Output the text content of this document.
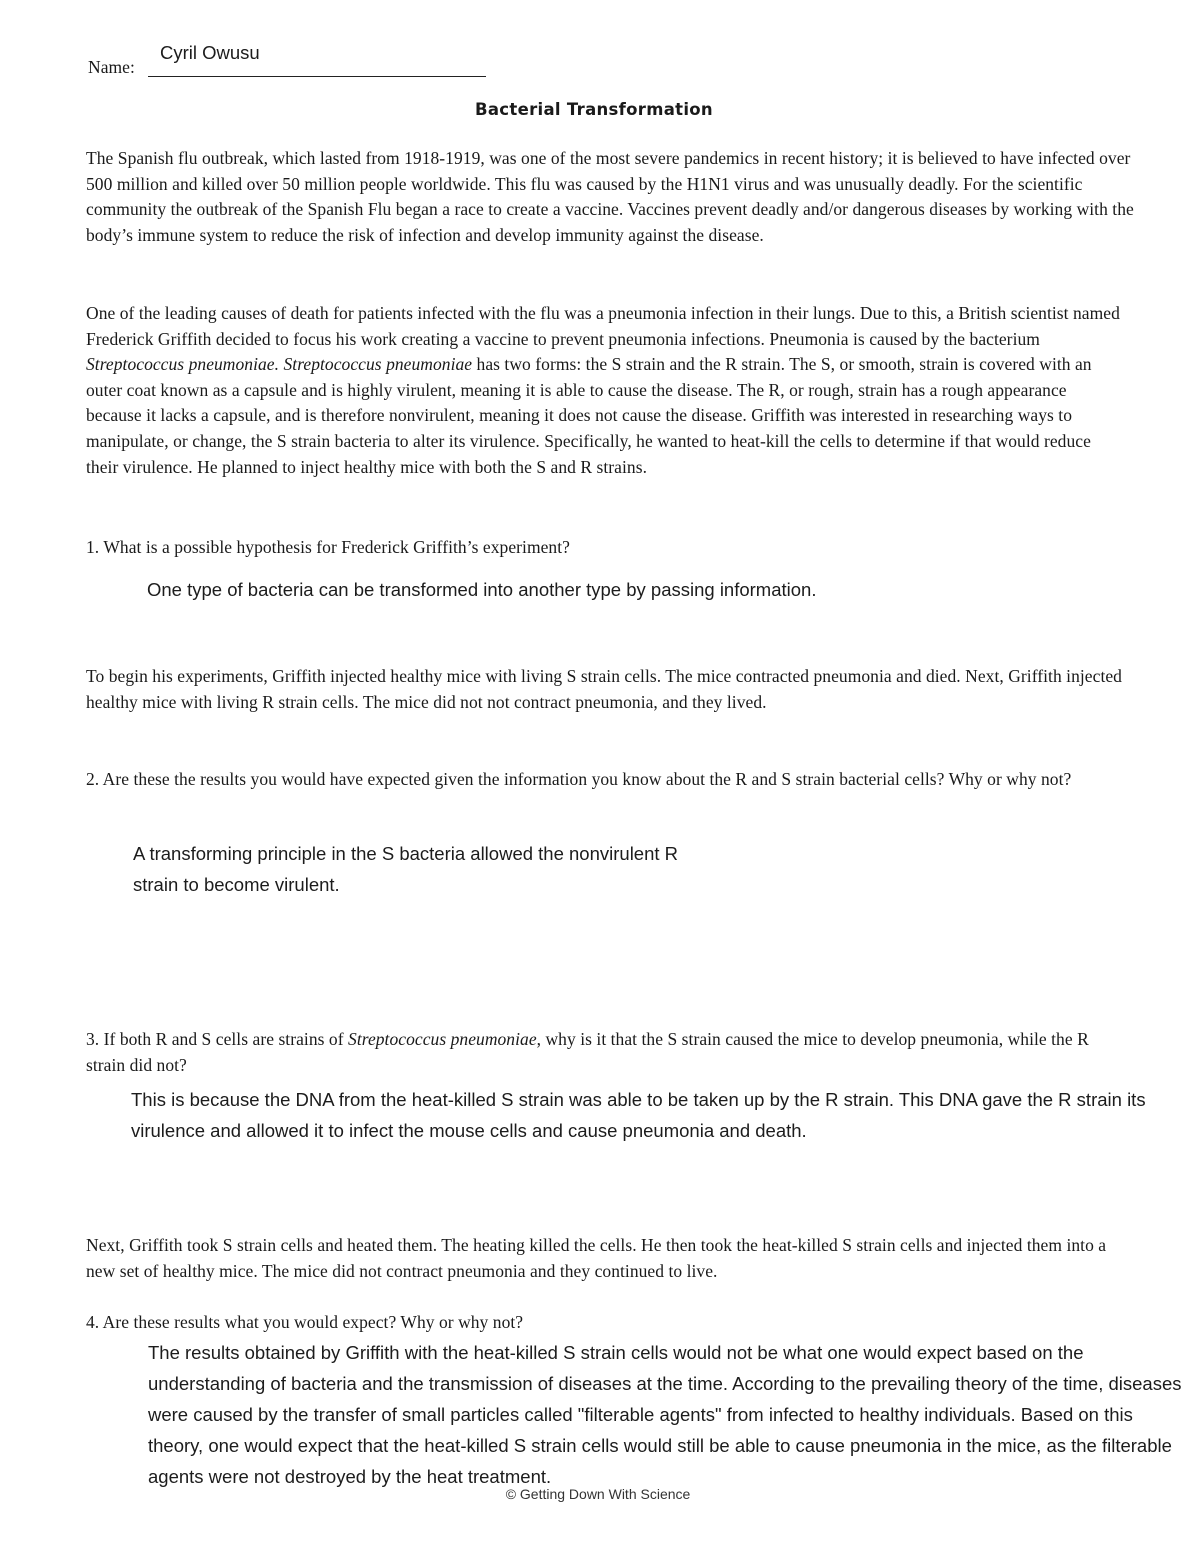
Name:
Cyril Owusu
Bacterial Transformation

The Spanish flu outbreak, which lasted from 1918-1919, was one of the most severe pandemics in recent history; it is believed to have infected over 500 million and killed over 50 million people worldwide. This flu was caused by the H1N1 virus and was unusually deadly. For the scientific community the outbreak of the Spanish Flu began a race to create a vaccine. Vaccines prevent deadly and/or dangerous diseases by working with the body’s immune system to reduce the risk of infection and develop immunity against the disease.

One of the leading causes of death for patients infected with the flu was a pneumonia infection in their lungs. Due to this, a British scientist named Frederick Griffith decided to focus his work creating a vaccine to prevent pneumonia infections. Pneumonia is caused by the bacterium Streptococcus pneumoniae. Streptococcus pneumoniae has two forms: the S strain and the R strain. The S, or smooth, strain is covered with an outer coat known as a capsule and is highly virulent, meaning it is able to cause the disease. The R, or rough, strain has a rough appearance because it lacks a capsule, and is therefore nonvirulent, meaning it does not cause the disease. Griffith was interested in researching ways to manipulate, or change, the S strain bacteria to alter its virulence. Specifically, he wanted to heat-kill the cells to determine if that would reduce their virulence. He planned to inject healthy mice with both the S and R strains.

1. What is a possible hypothesis for Frederick Griffith’s experiment?

One type of bacteria can be transformed into another type by passing information.

To begin his experiments, Griffith injected healthy mice with living S strain cells. The mice contracted pneumonia and died. Next, Griffith injected healthy mice with living R strain cells. The mice did not not contract pneumonia, and they lived.

2. Are these the results you would have expected given the information you know about the R and S strain bacterial cells? Why or why not?

A transforming principle in the S bacteria allowed the nonvirulent R
strain to become virulent.

3. If both R and S cells are strains of Streptococcus pneumoniae, why is it that the S strain caused the mice to develop pneumonia, while the R strain did not?

This is because the DNA from the heat-killed S strain was able to be taken up by the R strain. This DNA gave the R strain its virulence and allowed it to infect the mouse cells and cause pneumonia and death.

Next, Griffith took S strain cells and heated them. The heating killed the cells. He then took the heat-killed S strain cells and injected them into a new set of healthy mice. The mice did not contract pneumonia and they continued to live.

4. Are these results what you would expect? Why or why not?

The results obtained by Griffith with the heat-killed S strain cells would not be what one would expect based on the understanding of bacteria and the transmission of diseases at the time. According to the prevailing theory of the time, diseases were caused by the transfer of small particles called "filterable agents" from infected to healthy individuals. Based on this theory, one would expect that the heat-killed S strain cells would still be able to cause pneumonia in the mice, as the filterable agents were not destroyed by the heat treatment.

© Getting Down With Science
